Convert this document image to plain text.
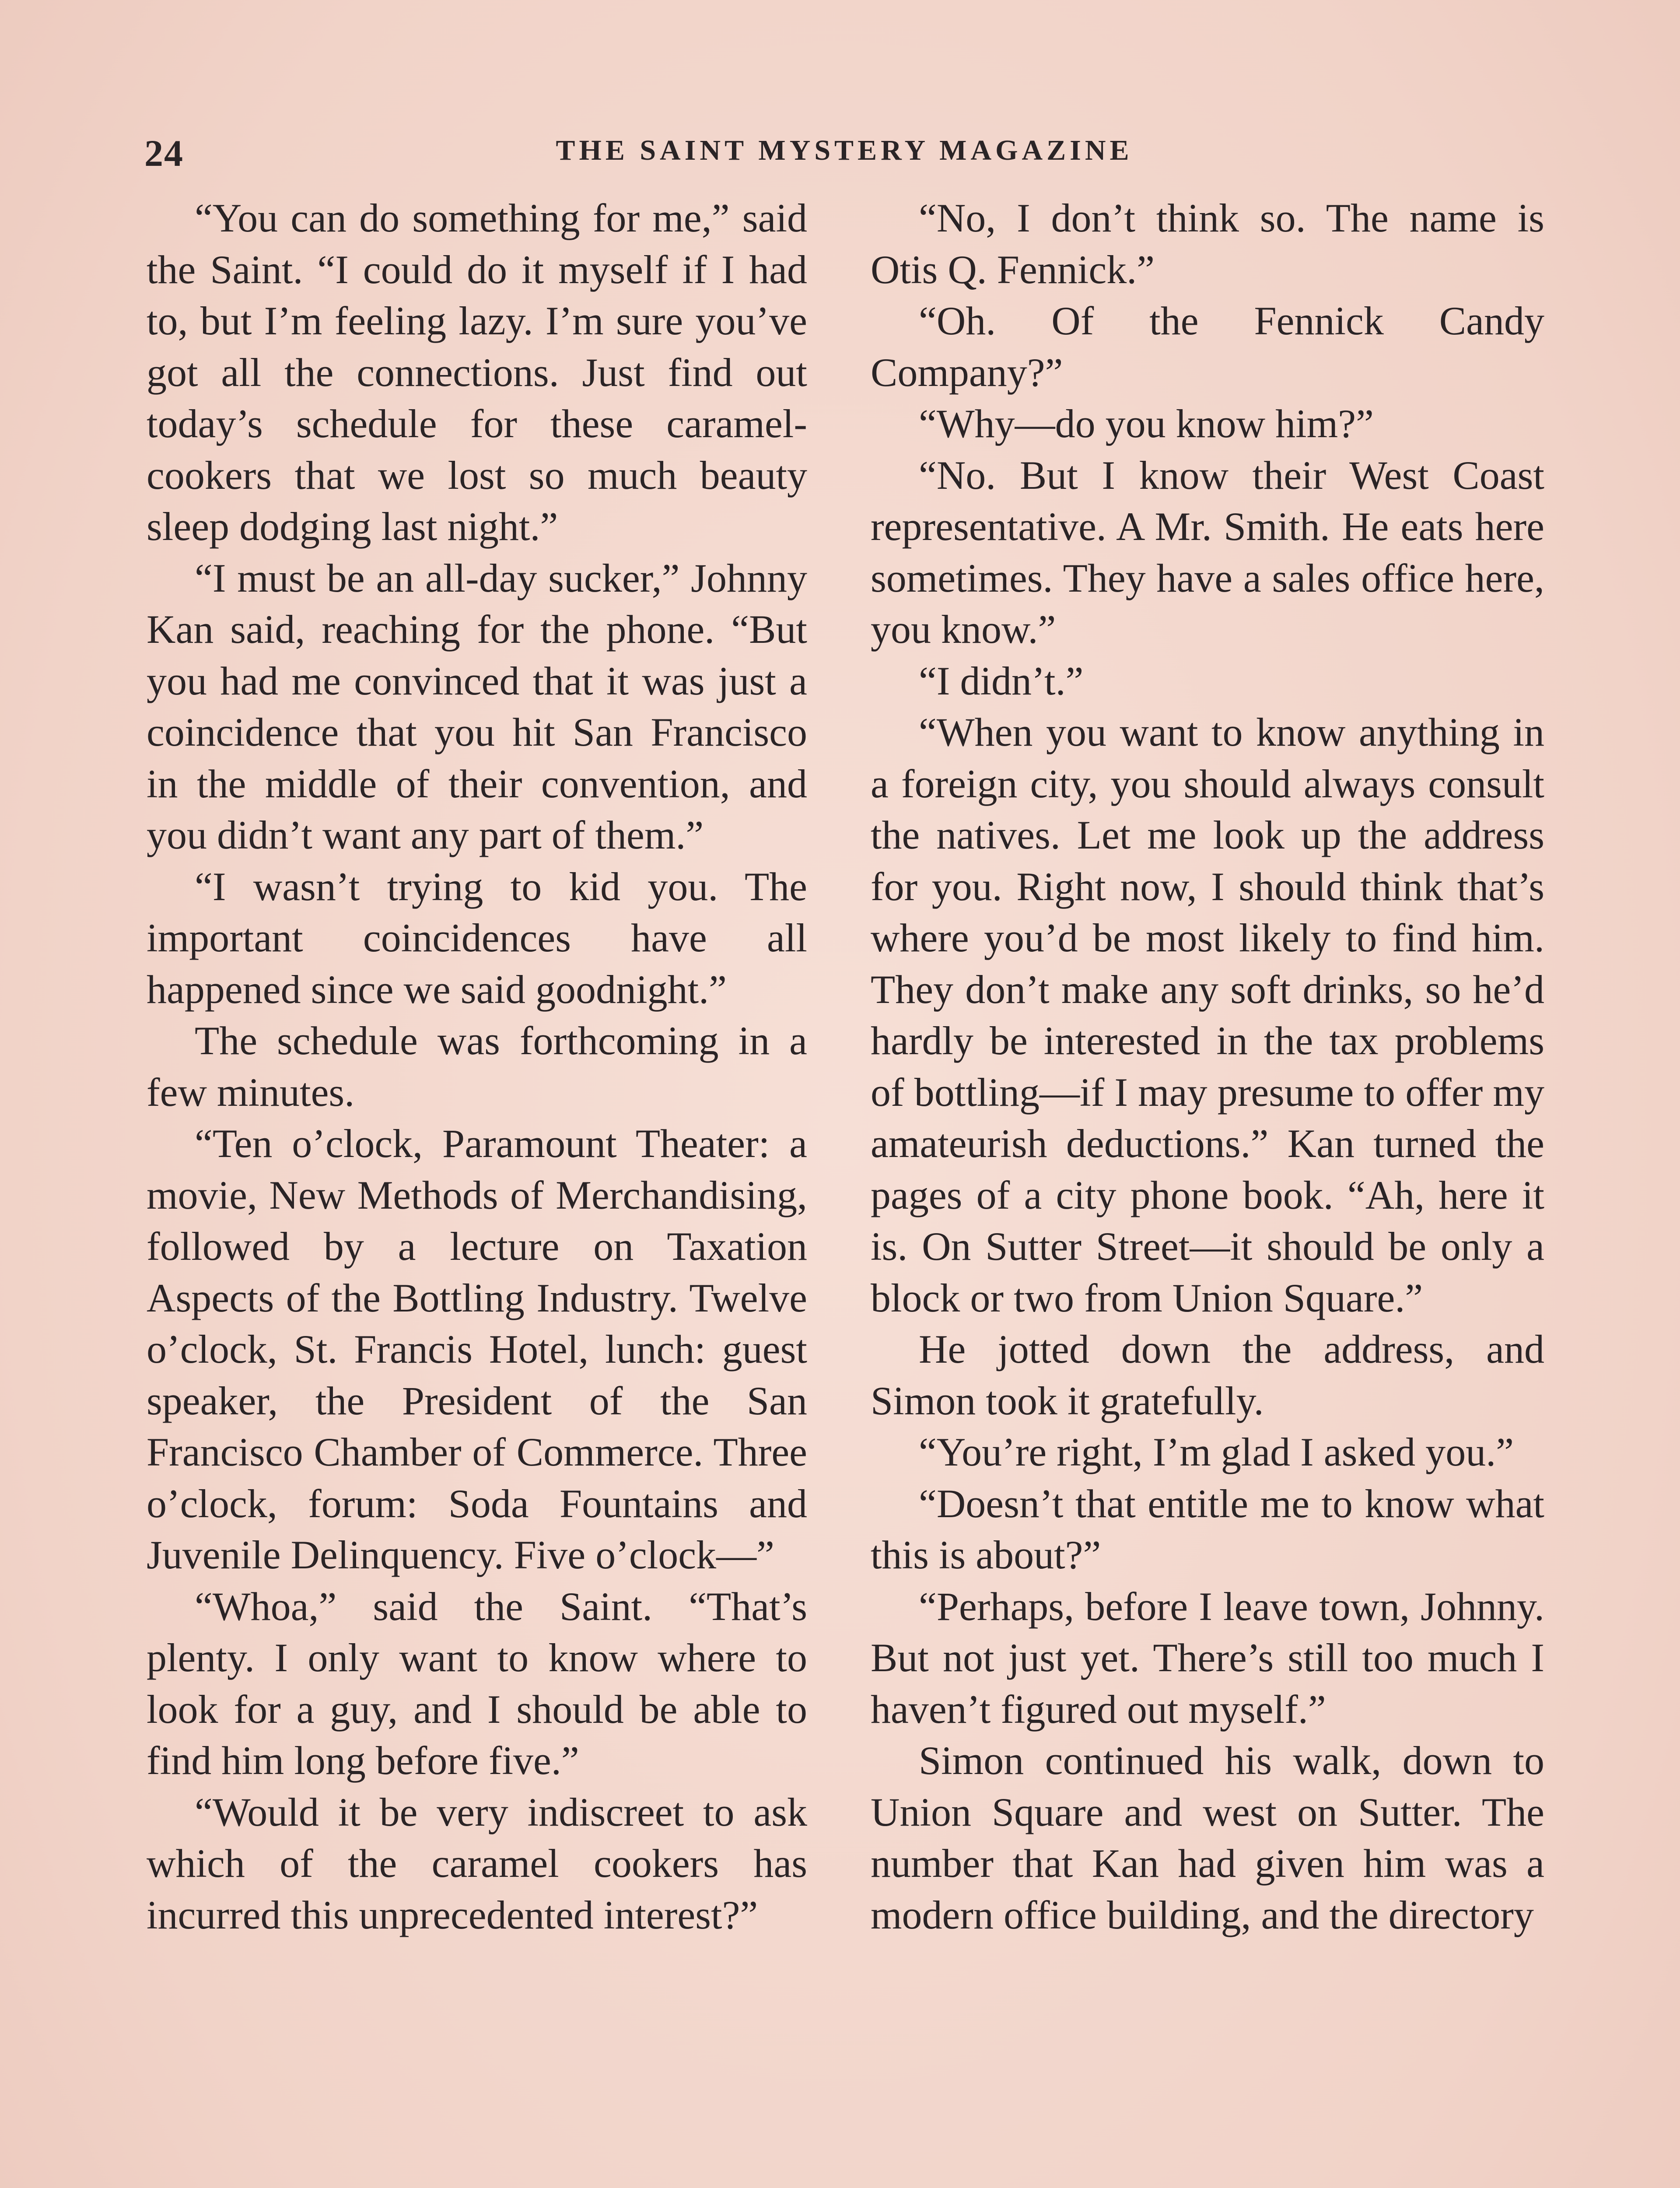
24	THE SAINT MYSTERY MAGAZINE

“You can do something for me,” said the Saint. “I could do it myself if I had to, but I’m feeling lazy. I’m sure you’ve got all the connections. Just find out today’s schedule for these caramel-cookers that we lost so much beauty sleep dodging last night.”

“I must be an all-day sucker,” Johnny Kan said, reaching for the phone. “But you had me convinced that it was just a coincidence that you hit San Francisco in the middle of their convention, and you didn’t want any part of them.”

“I wasn’t trying to kid you. The important coincidences have all happened since we said goodnight.”

The schedule was forthcoming in a few minutes.

“Ten o’clock, Paramount Theater: a movie, New Methods of Merchandising, followed by a lecture on Taxation Aspects of the Bottling Industry. Twelve o’clock, St. Francis Hotel, lunch: guest speaker, the President of the San Francisco Chamber of Commerce. Three o’clock, forum: Soda Fountains and Juvenile Delinquency. Five o’clock—”

“Whoa,” said the Saint. “That’s plenty. I only want to know where to look for a guy, and I should be able to find him long before five.”

“Would it be very indiscreet to ask which of the caramel cookers has incurred this unprecedented interest?”

“No, I don’t think so. The name is Otis Q. Fennick.”

“Oh. Of the Fennick Candy Company?”

“Why—do you know him?”

“No. But I know their West Coast representative. A Mr. Smith. He eats here sometimes. They have a sales office here, you know.”

“I didn’t.”

“When you want to know anything in a foreign city, you should always consult the natives. Let me look up the address for you. Right now, I should think that’s where you’d be most likely to find him. They don’t make any soft drinks, so he’d hardly be interested in the tax problems of bottling—if I may presume to offer my amateurish deductions.” Kan turned the pages of a city phone book. “Ah, here it is. On Sutter Street—it should be only a block or two from Union Square.”

He jotted down the address, and Simon took it gratefully.

“You’re right, I’m glad I asked you.”

“Doesn’t that entitle me to know what this is about?”

“Perhaps, before I leave town, Johnny. But not just yet. There’s still too much I haven’t figured out myself.”

Simon continued his walk, down to Union Square and west on Sutter. The number that Kan had given him was a modern office building, and the directory
